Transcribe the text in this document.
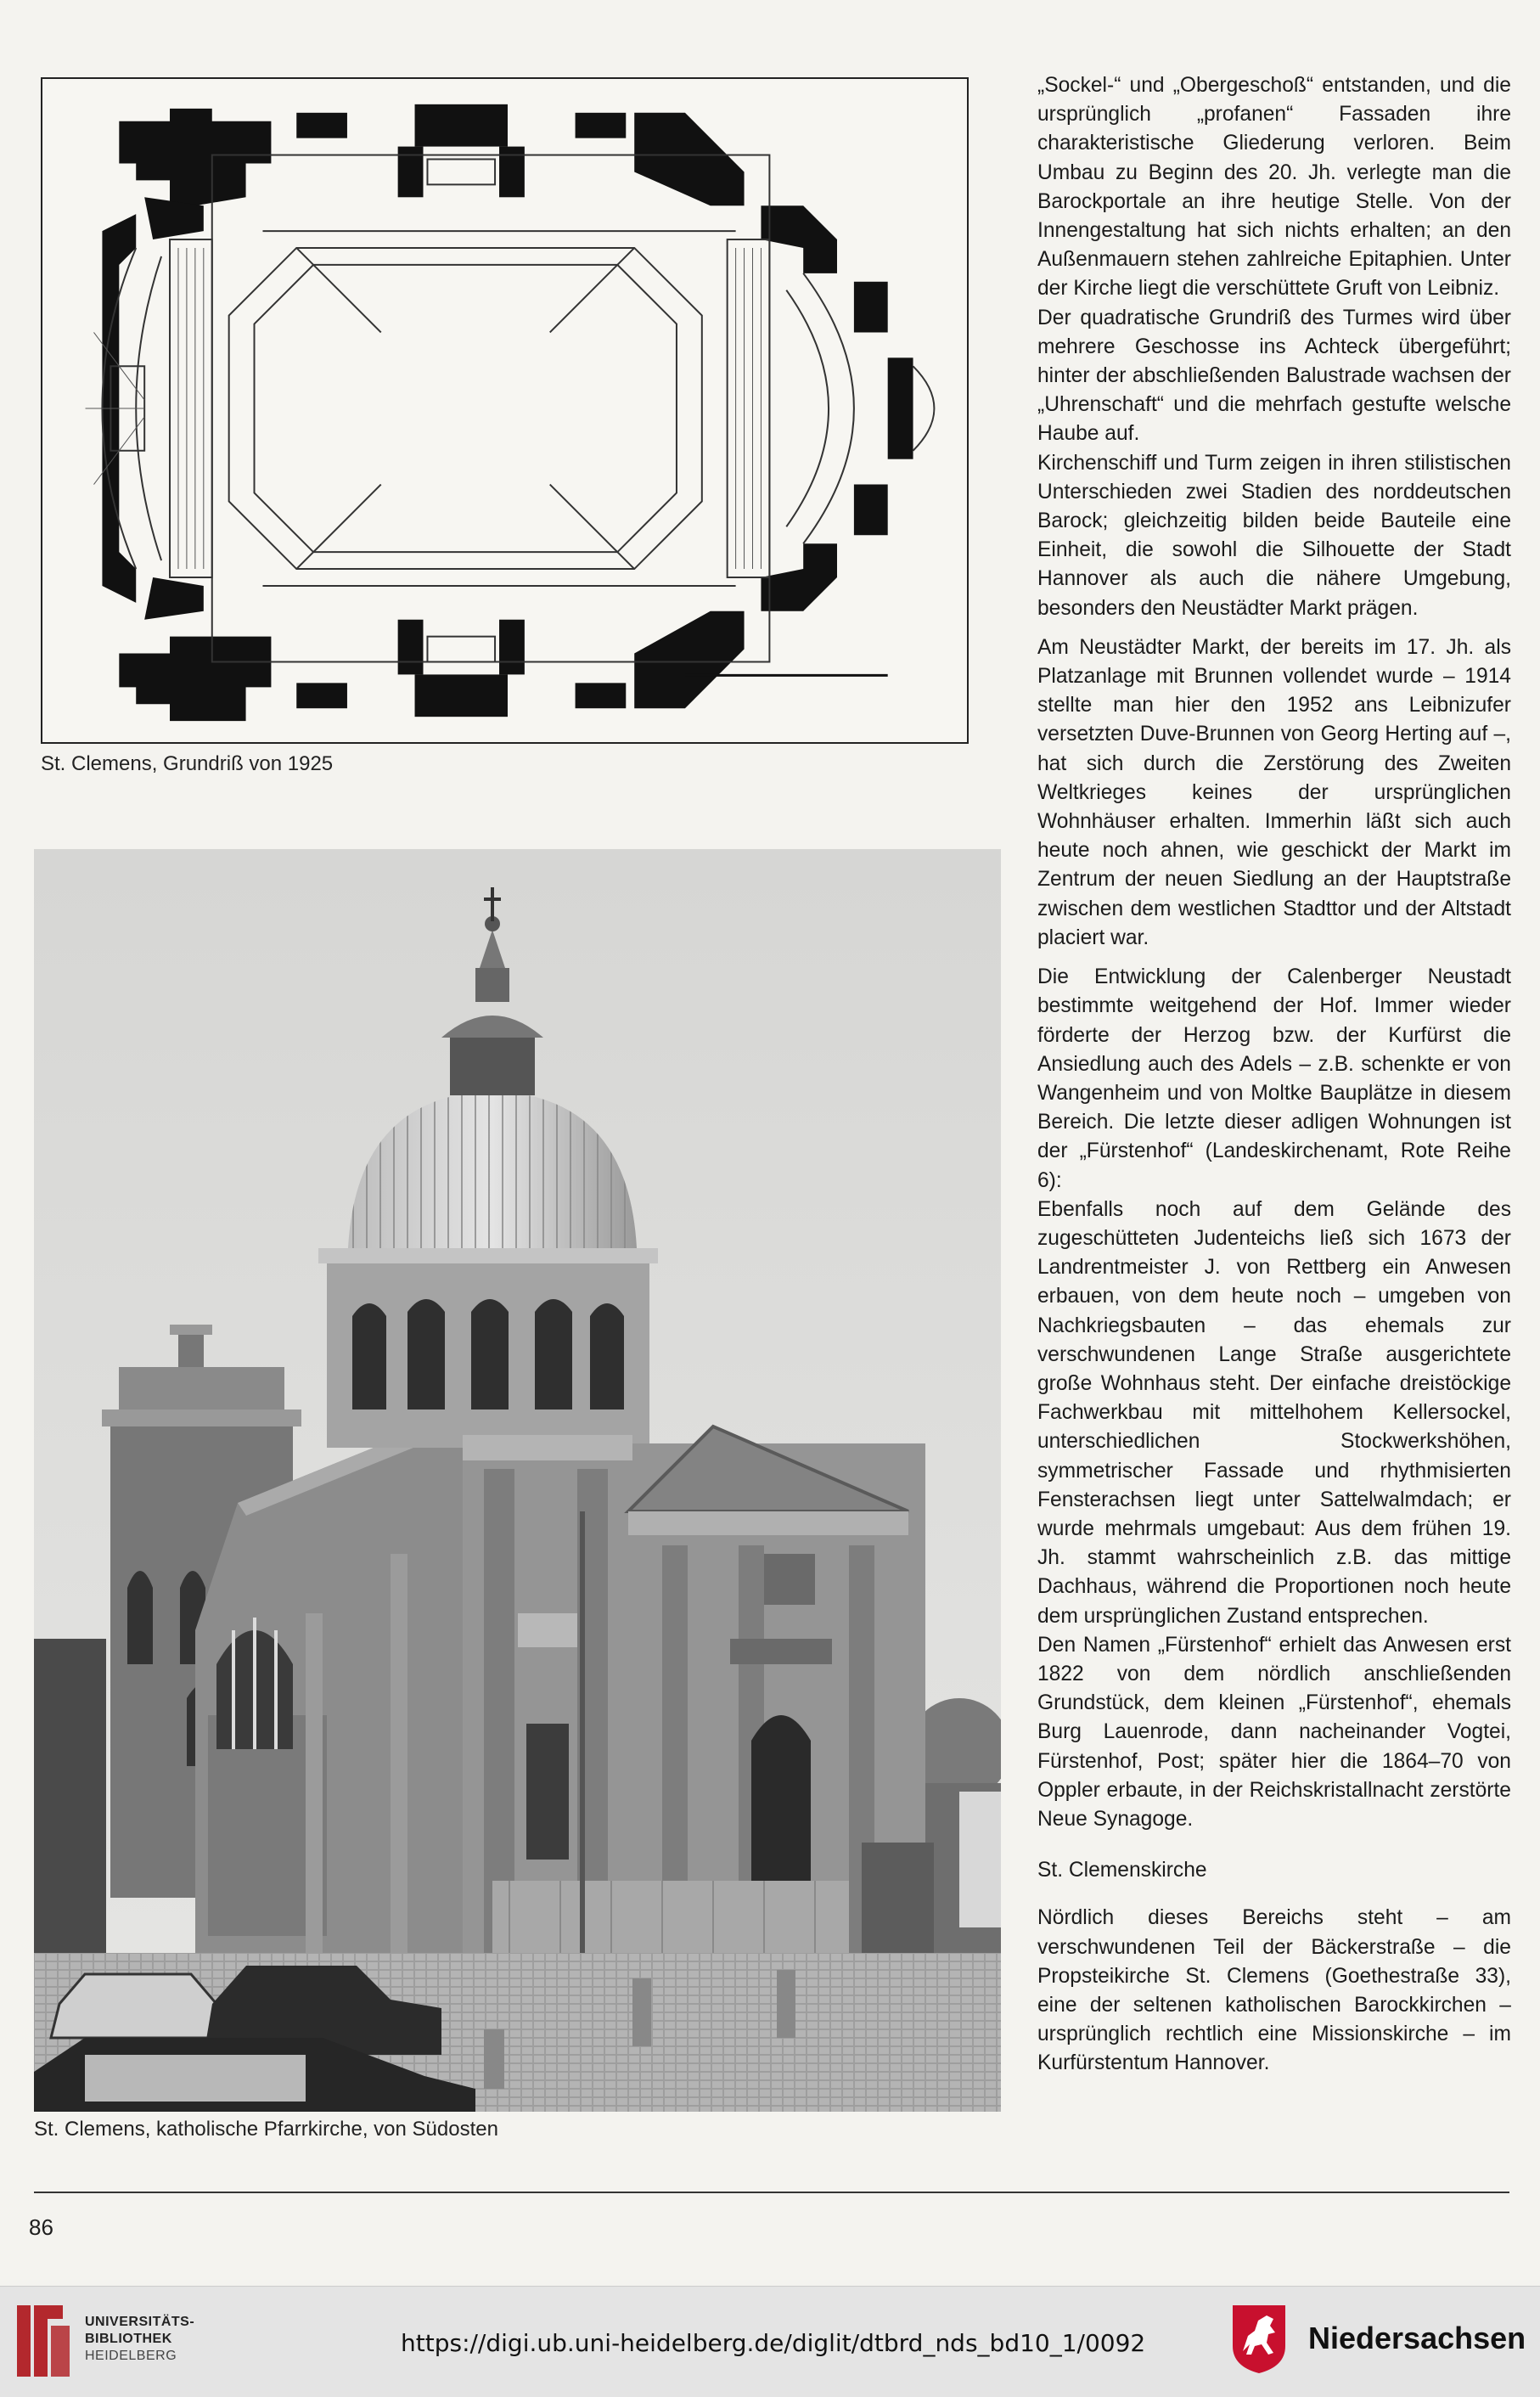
St. Clemens, Grundriß von 1925
St. Clemens, katholische Pfarrkirche, von Südosten

„Sockel-“ und „Obergeschoß“ entstanden, und die ursprünglich „profanen“ Fassaden ihre charakteristische Gliederung verloren. Beim Umbau zu Beginn des 20. Jh. verlegte man die Barockportale an ihre heutige Stelle. Von der Innengestaltung hat sich nichts erhalten; an den Außenmauern stehen zahlreiche Epitaphien. Unter der Kirche liegt die verschüttete Gruft von Leibniz.

Der quadratische Grundriß des Turmes wird über mehrere Geschosse ins Achteck übergeführt; hinter der abschließenden Balustrade wachsen der „Uhrenschaft“ und die mehrfach gestufte welsche Haube auf.

Kirchenschiff und Turm zeigen in ihren stilistischen Unterschieden zwei Stadien des norddeutschen Barock; gleichzeitig bilden beide Bauteile eine Einheit, die sowohl die Silhouette der Stadt Hannover als auch die nähere Umgebung, besonders den Neustädter Markt prägen.

Am Neustädter Markt, der bereits im 17. Jh. als Platzanlage mit Brunnen vollendet wurde – 1914 stellte man hier den 1952 ans Leibnizufer versetzten Duve-Brunnen von Georg Herting auf –, hat sich durch die Zerstörung des Zweiten Weltkrieges keines der ursprünglichen Wohnhäuser erhalten. Immerhin läßt sich auch heute noch ahnen, wie geschickt der Markt im Zentrum der neuen Siedlung an der Hauptstraße zwischen dem westlichen Stadttor und der Altstadt placiert war.

Die Entwicklung der Calenberger Neustadt bestimmte weitgehend der Hof. Immer wieder förderte der Herzog bzw. der Kurfürst die Ansiedlung auch des Adels – z.B. schenkte er von Wangenheim und von Moltke Bauplätze in diesem Bereich. Die letzte dieser adligen Wohnungen ist der „Fürstenhof“ (Landeskirchenamt, Rote Reihe 6):

Ebenfalls noch auf dem Gelände des zugeschütteten Judenteichs ließ sich 1673 der Landrentmeister J. von Rettberg ein Anwesen erbauen, von dem heute noch – umgeben von Nachkriegsbauten – das ehemals zur verschwundenen Lange Straße ausgerichtete große Wohnhaus steht. Der einfache dreistöckige Fachwerkbau mit mittelhohem Kellersockel, unterschiedlichen Stockwerkshöhen, symmetrischer Fassade und rhythmisierten Fensterachsen liegt unter Sattelwalmdach; er wurde mehrmals umgebaut: Aus dem frühen 19. Jh. stammt wahrscheinlich z.B. das mittige Dachhaus, während die Proportionen noch heute dem ursprünglichen Zustand entsprechen.

Den Namen „Fürstenhof“ erhielt das Anwesen erst 1822 von dem nördlich anschließenden Grundstück, dem kleinen „Fürstenhof“, ehemals Burg Lauenrode, dann nacheinander Vogtei, Fürstenhof, Post; später hier die 1864–70 von Oppler erbaute, in der Reichskristallnacht zerstörte Neue Synagoge.

St. Clemenskirche

Nördlich dieses Bereichs steht – am verschwundenen Teil der Bäckerstraße – die Propsteikirche St. Clemens (Goethestraße 33), eine der seltenen katholischen Barockkirchen – ursprünglich rechtlich eine Missionskirche – im Kurfürstentum Hannover.

86
UNIVERSITÄTS-
BIBLIOTHEK
HEIDELBERG	https://digi.ub.uni-heidelberg.de/diglit/dtbrd_nds_bd10_1/0092	Niedersachsen
